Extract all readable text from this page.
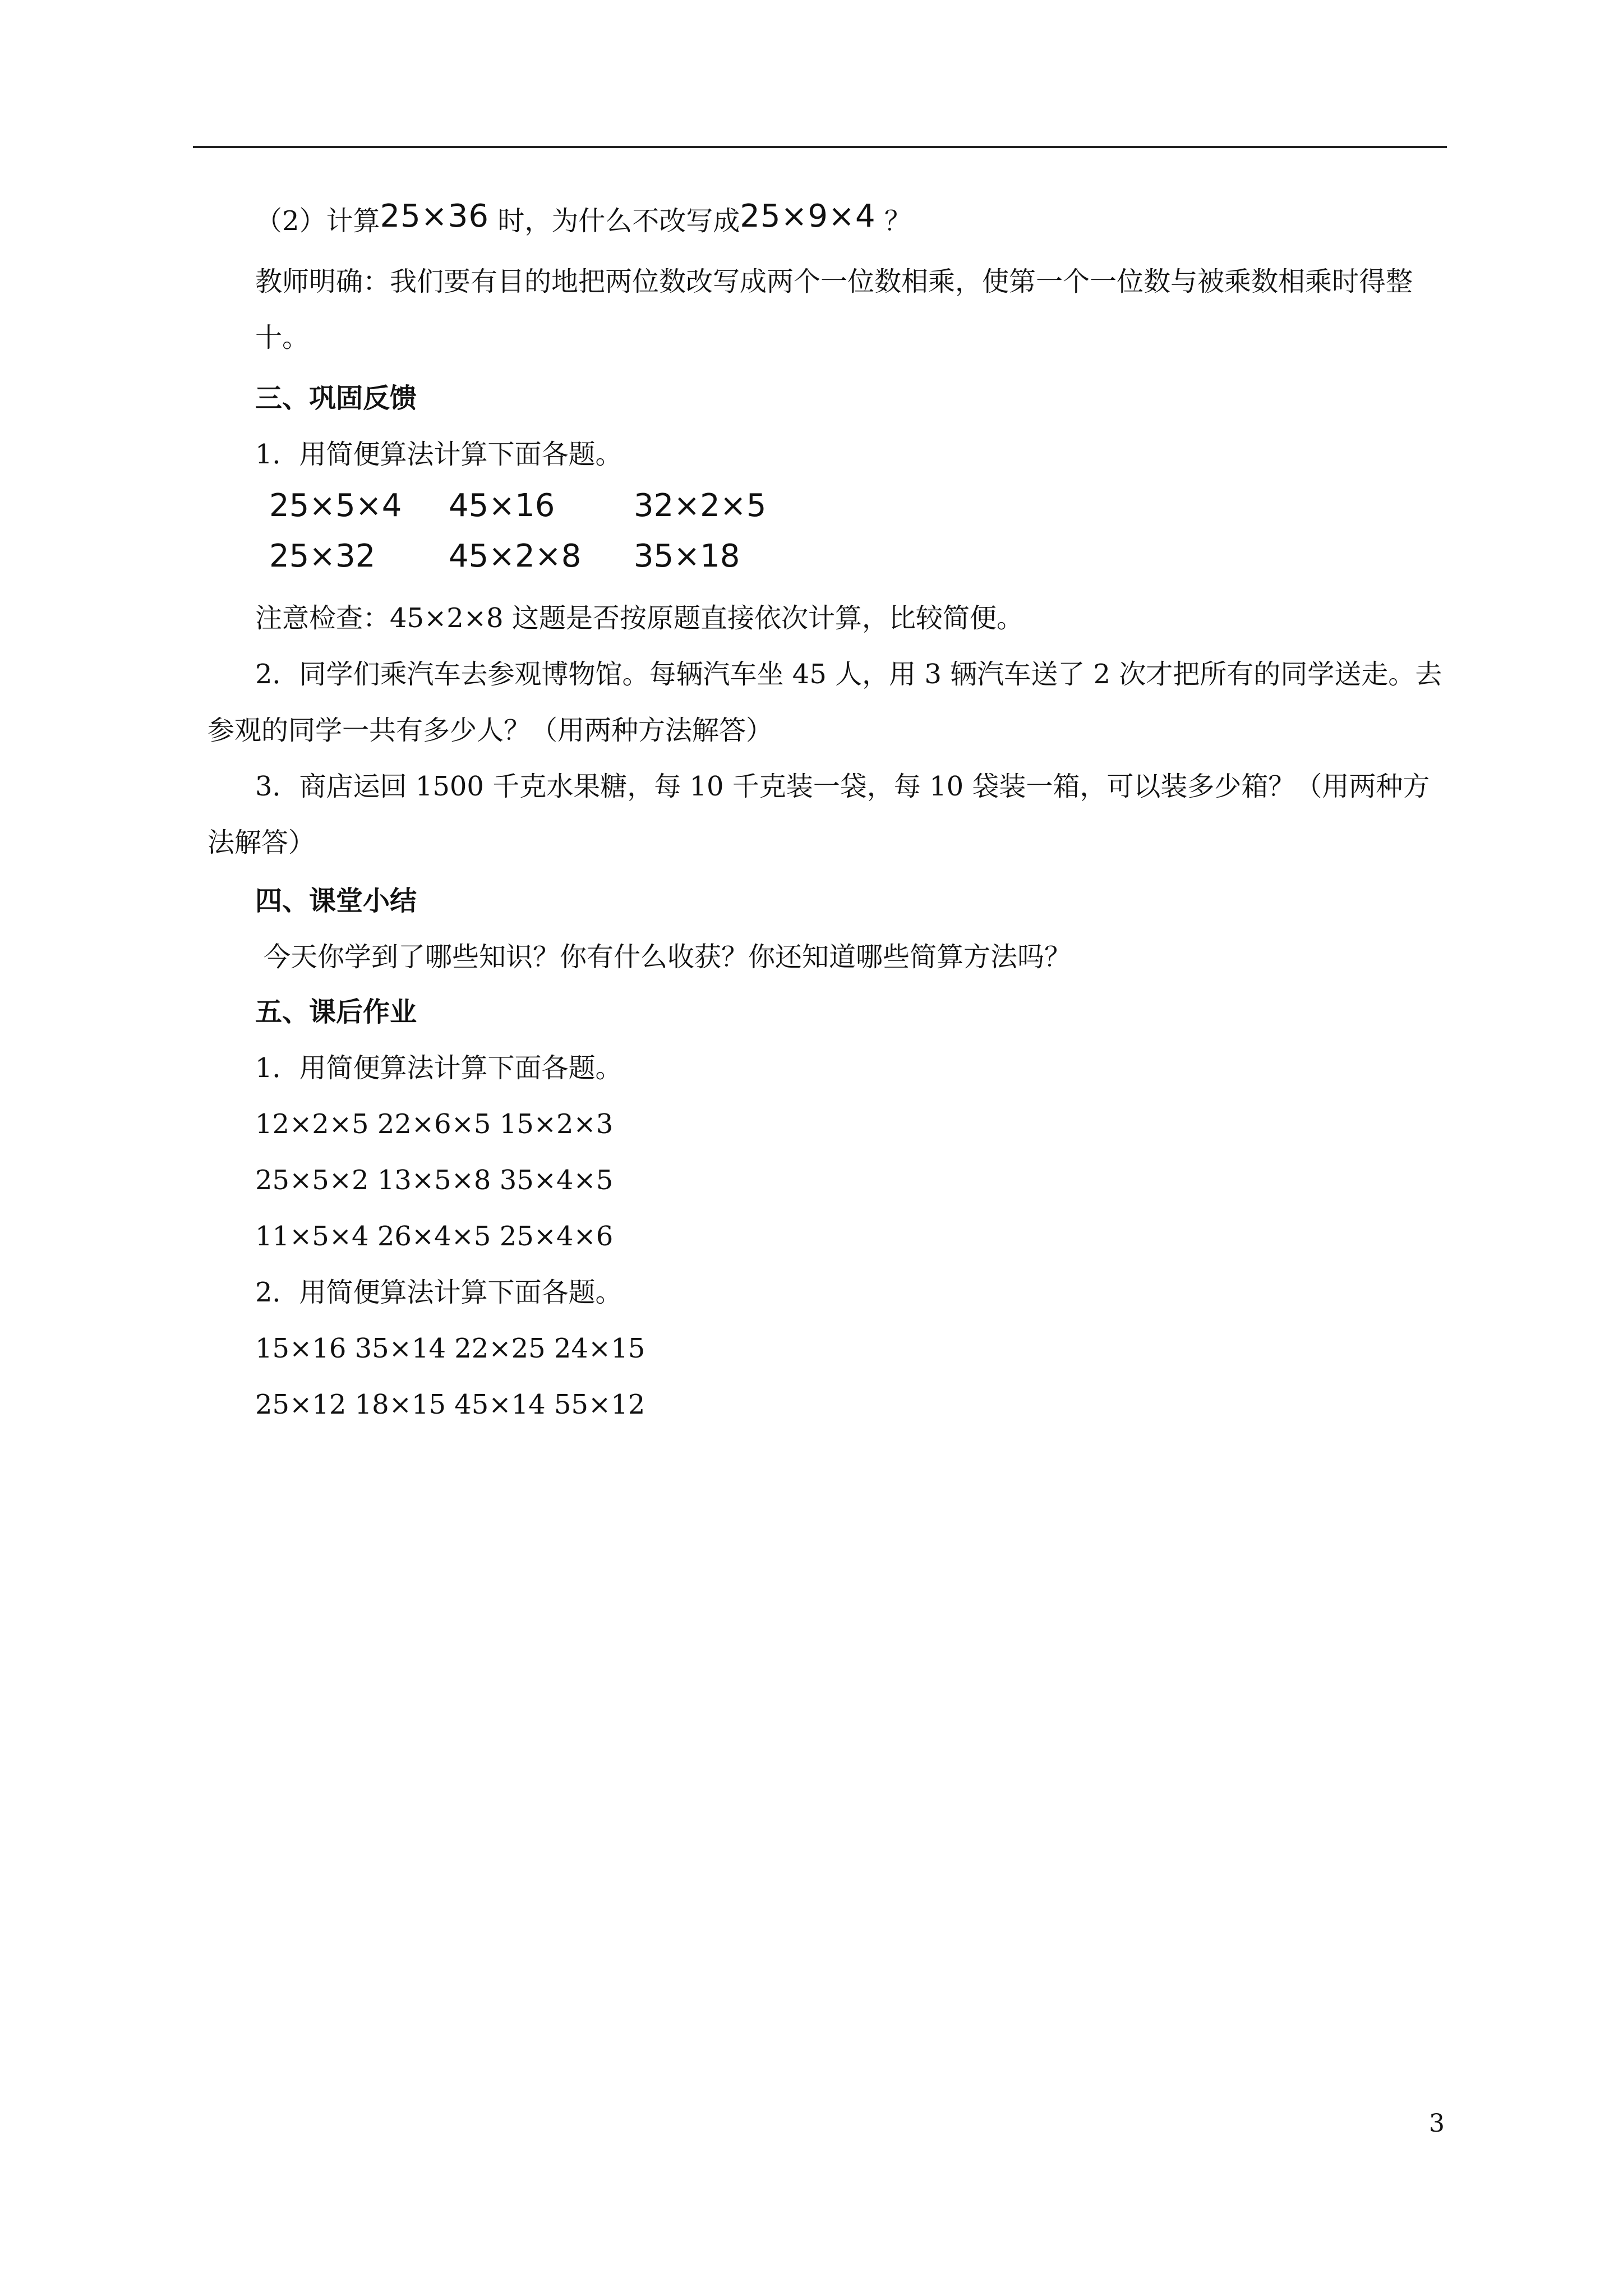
（2）计算25×36 时，为什么不改写成25×9×4 ？
教师明确：我们要有目的地把两位数改写成两个一位数相乘，使第一个一位数与被乘数相乘时得整十。
三、巩固反馈
1．用简便算法计算下面各题。
25×5×4 45×16	32×2×5
25×32 45×2×8 35×18
注意检查：45×2×8 这题是否按原题直接依次计算，比较简便。
2．同学们乘汽车去参观博物馆。每辆汽车坐 45 人，用 3 辆汽车送了 2 次才把所有的同学送走。去参观的同学一共有多少人？（用两种方法解答）
3．商店运回 1500 千克水果糖，每 10 千克装一袋，每 10 袋装一箱，可以装多少箱？（用两种方法解答）
四、课堂小结
今天你学到了哪些知识？你有什么收获？你还知道哪些简算方法吗？
五、课后作业
1．用简便算法计算下面各题。
12×2×5 22×6×5 15×2×3
25×5×2 13×5×8 35×4×5
11×5×4 26×4×5 25×4×6
2．用简便算法计算下面各题。
15×16 35×14 22×25 24×15
25×12 18×15 45×14 55×12
3
